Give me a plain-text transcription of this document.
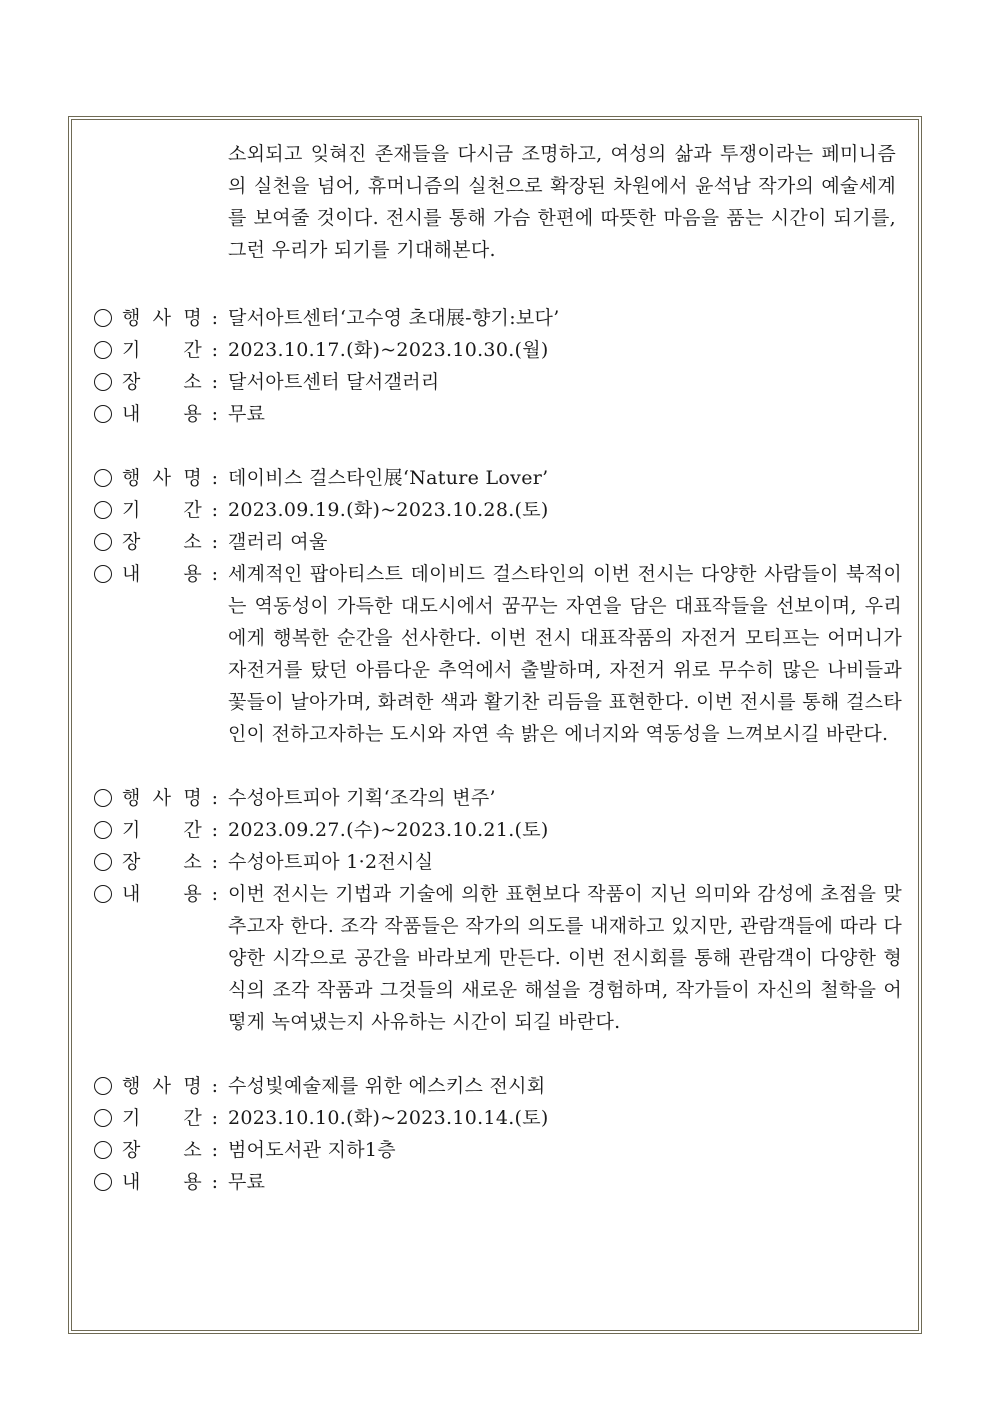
소외되고 잊혀진 존재들을 다시금 조명하고, 여성의 삶과 투쟁이라는 페미니즘의 실천을 넘어, 휴머니즘의 실천으로 확장된 차원에서 윤석남 작가의 예술세계를 보여줄 것이다. 전시를 통해 가슴 한편에 따뜻한 마음을 품는 시간이 되기를, 그런 우리가 되기를 기대해본다.

행 사 명 : 달서아트센터‘고수영 초대展-향기:보다’
기 간 : 2023.10.17.(화)~2023.10.30.(월)
장 소 : 달서아트센터 달서갤러리
내 용 : 무료
행 사 명 : 데이비스 걸스타인展‘Nature Lover’
기 간 : 2023.09.19.(화)~2023.10.28.(토)
장 소 : 갤러리 여울
내 용 : 세계적인 팝아티스트 데이비드 걸스타인의 이번 전시는 다양한 사람들이 북적이는 역동성이 가득한 대도시에서 꿈꾸는 자연을 담은 대표작들을 선보이며, 우리에게 행복한 순간을 선사한다. 이번 전시 대표작품의 자전거 모티프는 어머니가 자전거를 탔던 아름다운 추억에서 출발하며, 자전거 위로 무수히 많은 나비들과 꽃들이 날아가며, 화려한 색과 활기찬 리듬을 표현한다. 이번 전시를 통해 걸스타인이 전하고자하는 도시와 자연 속 밝은 에너지와 역동성을 느껴보시길 바란다.
행 사 명 : 수성아트피아 기획‘조각의 변주’
기 간 : 2023.09.27.(수)~2023.10.21.(토)
장 소 : 수성아트피아 1·2전시실
내 용 : 이번 전시는 기법과 기술에 의한 표현보다 작품이 지닌 의미와 감성에 초점을 맞추고자 한다. 조각 작품들은 작가의 의도를 내재하고 있지만, 관람객들에 따라 다양한 시각으로 공간을 바라보게 만든다. 이번 전시회를 통해 관람객이 다양한 형식의 조각 작품과 그것들의 새로운 해설을 경험하며, 작가들이 자신의 철학을 어떻게 녹여냈는지 사유하는 시간이 되길 바란다.
행 사 명 : 수성빛예술제를 위한 에스키스 전시회
기 간 : 2023.10.10.(화)~2023.10.14.(토)
장 소 : 범어도서관 지하1층
내 용 : 무료
